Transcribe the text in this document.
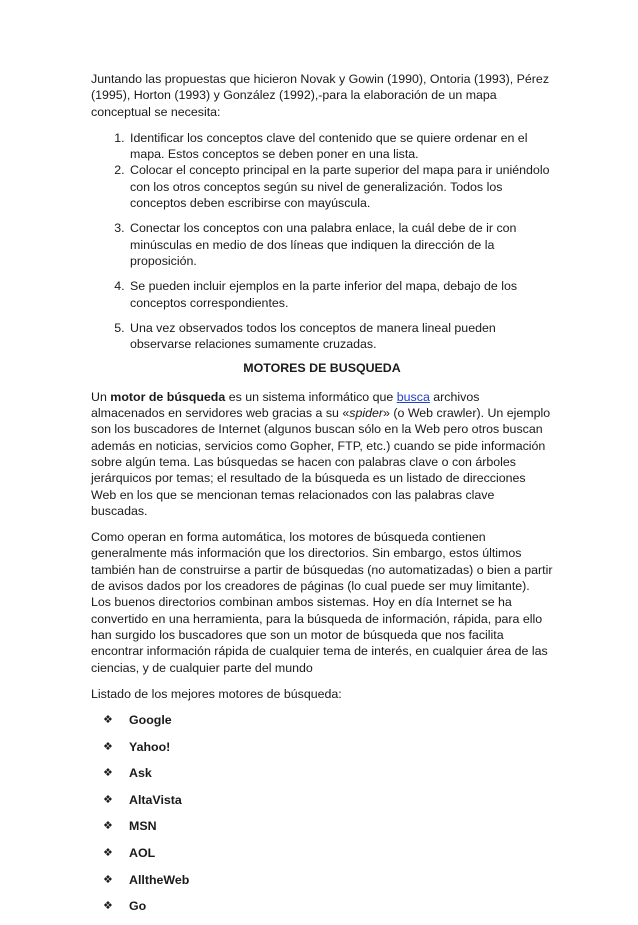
Juntando las propuestas que hicieron Novak y Gowin (1990), Ontoria (1993), Pérez (1995), Horton (1993) y González (1992),-para la elaboración de un mapa conceptual se necesita:

1. Identificar los conceptos clave del contenido que se quiere ordenar en el mapa. Estos conceptos se deben poner en una lista.
2. Colocar el concepto principal en la parte superior del mapa para ir uniéndolo con los otros conceptos según su nivel de generalización. Todos los conceptos deben escribirse con mayúscula.
3. Conectar los conceptos con una palabra enlace, la cuál debe de ir con minúsculas en medio de dos líneas que indiquen la dirección de la proposición.
4. Se pueden incluir ejemplos en la parte inferior del mapa, debajo de los conceptos correspondientes.
5. Una vez observados todos los conceptos de manera lineal pueden observarse relaciones sumamente cruzadas.

MOTORES DE BUSQUEDA

Un motor de búsqueda es un sistema informático que busca archivos almacenados en servidores web gracias a su «spider» (o Web crawler). Un ejemplo son los buscadores de Internet (algunos buscan sólo en la Web pero otros buscan además en noticias, servicios como Gopher, FTP, etc.) cuando se pide información sobre algún tema. Las búsquedas se hacen con palabras clave o con árboles jerárquicos por temas; el resultado de la búsqueda es un listado de direcciones Web en los que se mencionan temas relacionados con las palabras clave buscadas.

Como operan en forma automática, los motores de búsqueda contienen generalmente más información que los directorios. Sin embargo, estos últimos también han de construirse a partir de búsquedas (no automatizadas) o bien a partir de avisos dados por los creadores de páginas (lo cual puede ser muy limitante). Los buenos directorios combinan ambos sistemas. Hoy en día Internet se ha convertido en una herramienta, para la búsqueda de información, rápida, para ello han surgido los buscadores que son un motor de búsqueda que nos facilita encontrar información rápida de cualquier tema de interés, en cualquier área de las ciencias, y de cualquier parte del mundo

Listado de los mejores motores de búsqueda:

❖	Google
❖	Yahoo!
❖	Ask
❖	AltaVista
❖	MSN
❖	AOL
❖	AlltheWeb
❖	Go
